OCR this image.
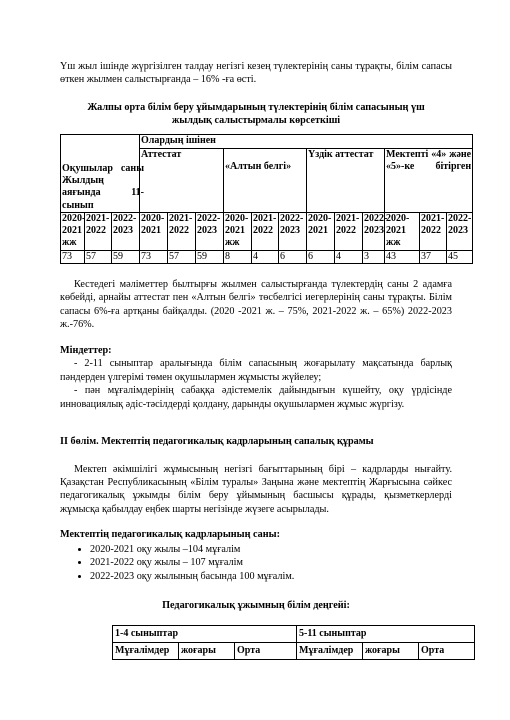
Үш жыл ішінде жүргізілген талдау негізгі кезең түлектерінің саны тұрақты, білім сапасы өткен жылмен салыстырғанда – 16% -ға өсті.

Жалпы орта білім беру ұйымдарының түлектерінің білім сапасының үш жылдық салыстырмалы көрсеткіші

Оқушылар саны Жылдың аяғында 11-сынып			Олардың ішінен											
			Аттестат			«Алтын белгі»			Үздік аттестат			Мектепті «4» және «5»-ке бітірген		

2020-2021 жж	2021-2022	2022-2023	2020-2021	2021-2022	2022-2023	2020-2021 жж	2021-2022	2022-2023	2020-2021	2021-2022	2022-2023	2020-2021 жж	2021-2022	2022-2023
73	57	59	73	57	59	8	4	6	6	4	3	43	37	45

Кестедегі мәліметтер былтырғы жылмен салыстырғанда түлектердің саны 2 адамға көбейді, арнайы аттестат пен «Алтын белгі» төсбелгісі иегерлерінің саны тұрақты. Білім сапасы 6%-ға артқаны байқалды. (2020 -2021 ж. – 75%, 2021-2022 ж. – 65%) 2022-2023 ж.-76%.

Міндеттер:

- 2-11 сыныптар аралығында білім сапасының жоғарылату мақсатында барлық пәндерден үлгерімі төмен оқушылармен жұмысты жүйелеу;

- пән мұғалімдерінің сабаққа әдістемелік дайындығын күшейту, оқу үрдісінде инновациялық әдіс-тәсілдерді қолдану, дарынды оқушылармен жұмыс жүргізу.

ІІ бөлім. Мектептің педагогикалық кадрларының сапалық құрамы

Мектеп әкімшілігі жұмысының негізгі бағыттарының бірі – кадрларды нығайту. Қазақстан Республикасының «Білім туралы» Заңына және мектептің Жарғысына сәйкес педагогикалық ұжымды білім беру ұйымының басшысы құрады, қызметкерлерді жұмысқа қабылдау еңбек шарты негізінде жүзеге асырылады.

Мектептің педагогикалық кадрларының саны:

• 2020-2021 оқу жылы –104 мұғалім
• 2021-2022 оқу жылы – 107 мұғалім
• 2022-2023 оқу жылының басында 100 мұғалім.

Педагогикалық ұжымның білім деңгейі:

1-4 сыныптар			5-11 сыныптар		
Мұғалімдер	жоғары	Орта	Мұғалімдер	жоғары	Орта
